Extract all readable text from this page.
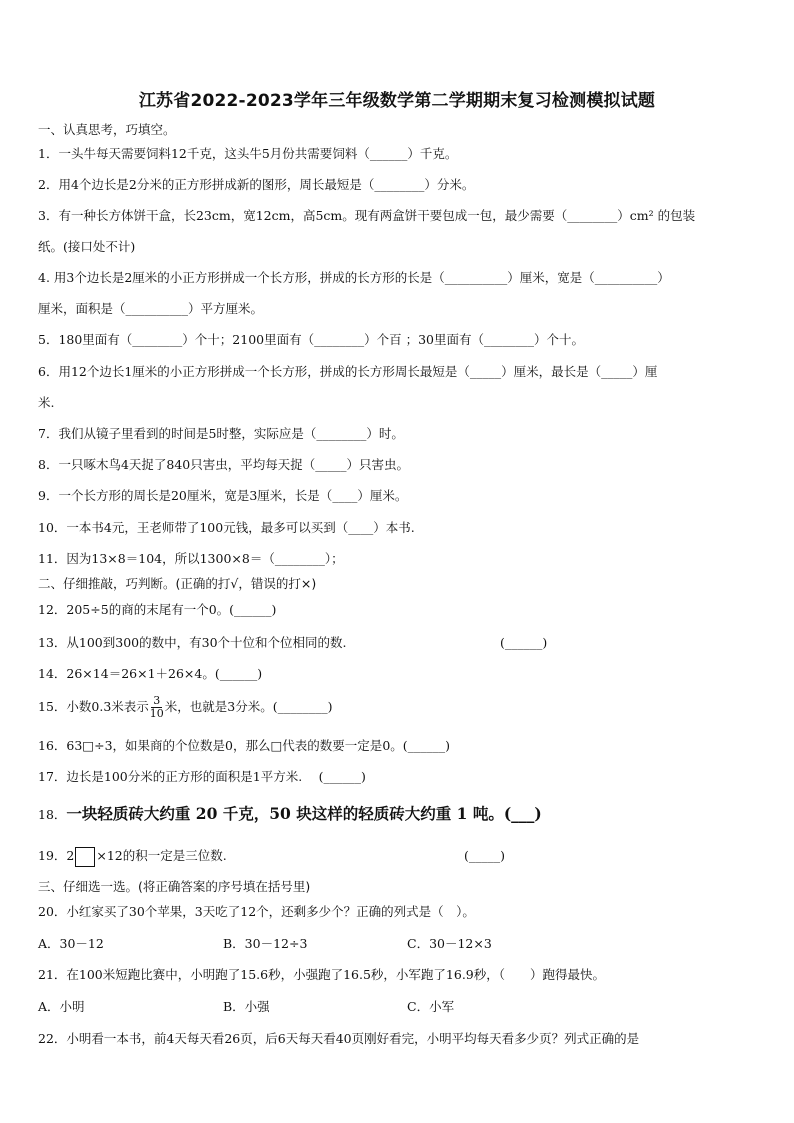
江苏省2022-2023学年三年级数学第二学期期末复习检测模拟试题
一、认真思考，巧填空。
1．一头牛每天需要饲料12千克，这头牛5月份共需要饲料（______）千克。
2．用4个边长是2分米的正方形拼成新的图形，周长最短是（________）分米。
3．有一种长方体饼干盒，长23cm，宽12cm，高5cm。现有两盒饼干要包成一包，最少需要（________）cm² 的包装
纸。(接口处不计)
4. 用3个边长是2厘米的小正方形拼成一个长方形，拼成的长方形的长是（__________）厘米，宽是（__________）
厘米，面积是（__________）平方厘米。
5．180里面有（________）个十；2100里面有（________）个百 ；30里面有（________）个十。
6．用12个边长1厘米的小正方形拼成一个长方形，拼成的长方形周长最短是（_____）厘米，最长是（_____）厘
米.
7．我们从镜子里看到的时间是5时整，实际应是（________）时。
8．一只啄木鸟4天捉了840只害虫，平均每天捉（_____）只害虫。
9．一个长方形的周长是20厘米，宽是3厘米，长是（____）厘米。
10．一本书4元，王老师带了100元钱，最多可以买到（____）本书.
11．因为13×8＝104，所以1300×8＝（________）；
二、仔细推敲，巧判断。(正确的打√，错误的打×)
12．205÷5的商的末尾有一个0。(______)
13．从100到300的数中，有30个十位和个位相同的数.	(______)
14．26×14＝26×1＋26×4。(______)
15．小数0.3米表示 $\frac{3}{10}$ 米，也就是3分米。(________)
16．63□÷3，如果商的个位数是0，那么□代表的数要一定是0。(______)
17．边长是100分米的正方形的面积是1平方米.　 (______)
18．一块轻质砖大约重 20 千克，50 块这样的轻质砖大约重 1 吨。(___)
19．2 ×12的积一定是三位数.	(_____)
三、仔细选一选。(将正确答案的序号填在括号里)
20．小红家买了30个苹果，3天吃了12个，还剩多少个？正确的列式是（　）。
A．30－12	B．30－12÷3	C．30－12×3
21．在100米短跑比赛中，小明跑了15.6秒，小强跑了16.5秒，小军跑了16.9秒，（　　）跑得最快。
A．小明	B．小强	C．小军
22．小明看一本书，前4天每天看26页，后6天每天看40页刚好看完，小明平均每天看多少页？列式正确的是
